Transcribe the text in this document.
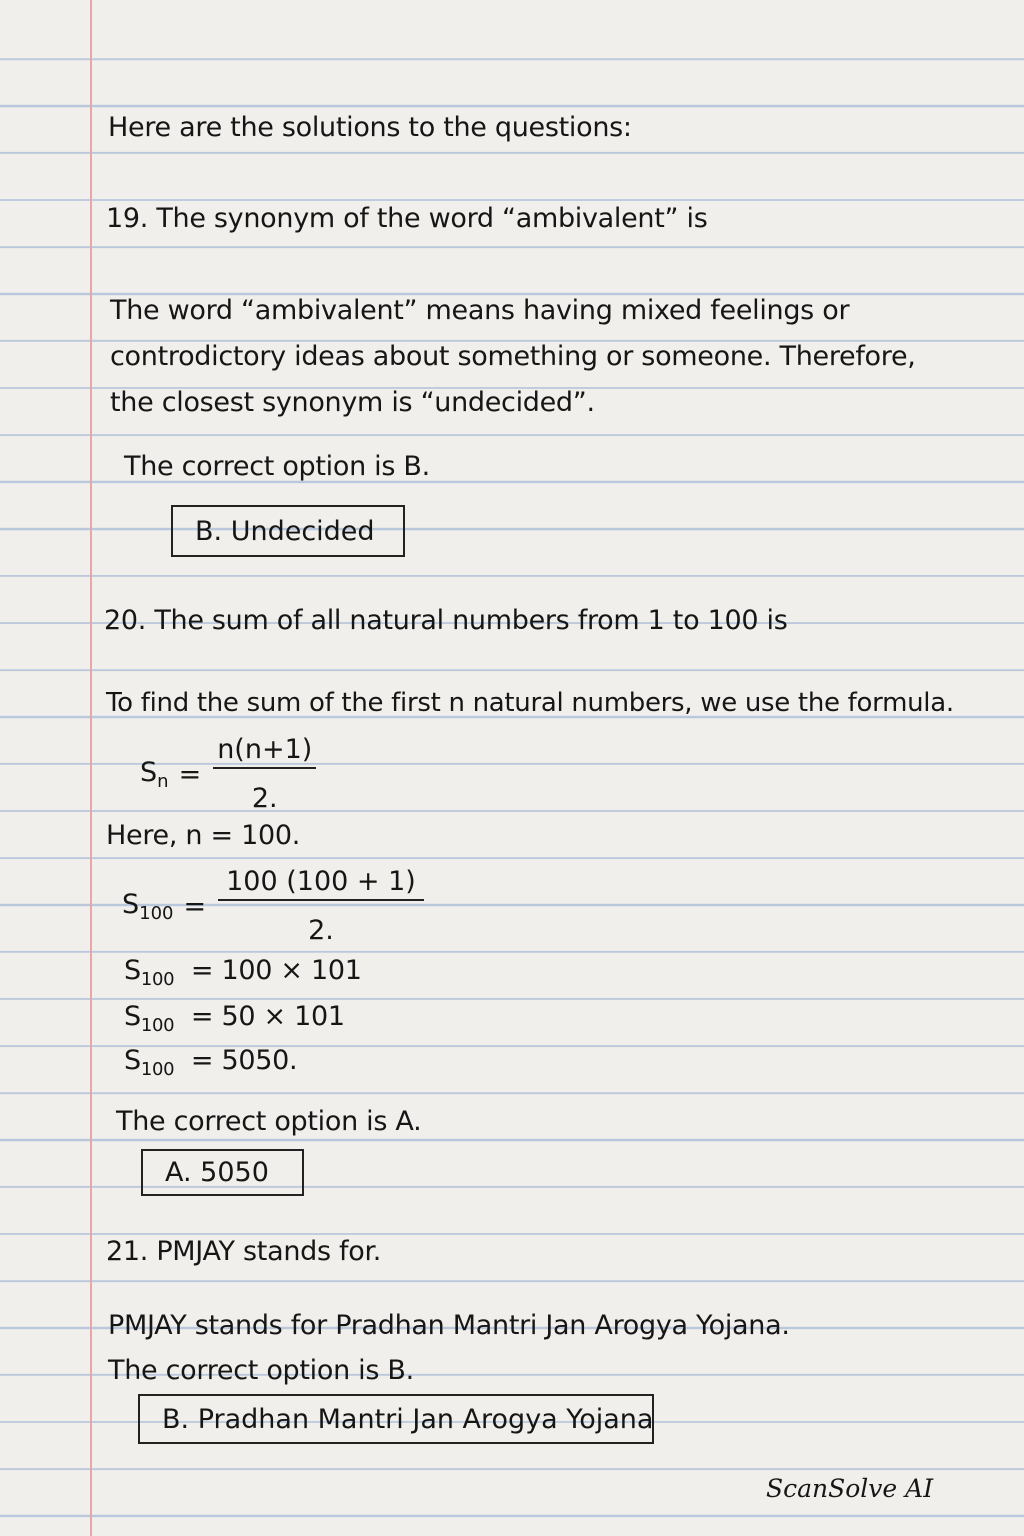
Here are the solutions to the questions:
19. The synonym of the word “ambivalent” is
The word “ambivalent” means having mixed feelings or
controdictory ideas about something or someone. Therefore,
the closest synonym is “undecided”.
The correct option is B.
B. Undecided
20. The sum of all natural numbers from 1 to 100 is
To find the sum of the first n natural numbers, we use the formula.
$S_n = \frac{n(n+1)}{2.}$
Here, n = 100.
$S_{100} = \frac{100 (100 + 1)}{2.}$
$S_{100} = 100 \times 101$
$S_{100} = 50 \times 101$
$S_{100} = 5050$.
The correct option is A.
A. 5050
21. PMJAY stands for.
PMJAY stands for Pradhan Mantri Jan Arogya Yojana.
The correct option is B.
B. Pradhan Mantri Jan Arogya Yojana
ScanSolve AI
